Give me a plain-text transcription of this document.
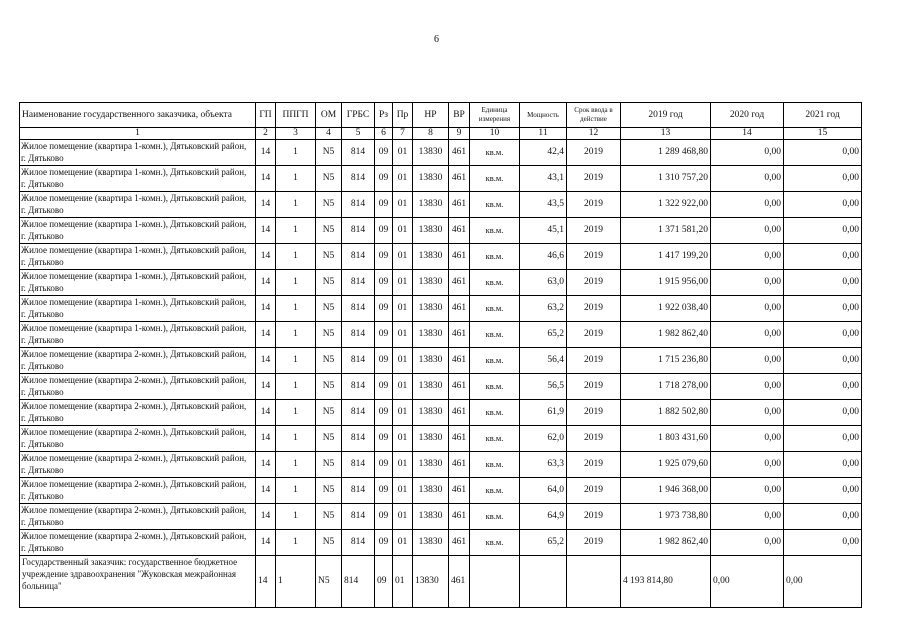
6
Наименование государственного заказчика, объекта	ГП	ППГП	ОМ	ГРБС	Рз	Пр	НР	ВР	Единица измерения	Мощность	Срок ввода в действие	2019 год	2020 год	2021 год
1	2	3	4	5	6	7	8	9	10	11	12	13	14	15
Жилое помещение (квартира 1-комн.), Дятьковский район, г. Дятьково	14	1	N5	814	09	01	13830	461	кв.м.	42,4	2019	1 289 468,80	0,00	0,00
Жилое помещение (квартира 1-комн.), Дятьковский район, г. Дятьково	14	1	N5	814	09	01	13830	461	кв.м.	43,1	2019	1 310 757,20	0,00	0,00
Жилое помещение (квартира 1-комн.), Дятьковский район, г. Дятьково	14	1	N5	814	09	01	13830	461	кв.м.	43,5	2019	1 322 922,00	0,00	0,00
Жилое помещение (квартира 1-комн.), Дятьковский район, г. Дятьково	14	1	N5	814	09	01	13830	461	кв.м.	45,1	2019	1 371 581,20	0,00	0,00
Жилое помещение (квартира 1-комн.), Дятьковский район, г. Дятьково	14	1	N5	814	09	01	13830	461	кв.м.	46,6	2019	1 417 199,20	0,00	0,00
Жилое помещение (квартира 1-комн.), Дятьковский район, г. Дятьково	14	1	N5	814	09	01	13830	461	кв.м.	63,0	2019	1 915 956,00	0,00	0,00
Жилое помещение (квартира 1-комн.), Дятьковский район, г. Дятьково	14	1	N5	814	09	01	13830	461	кв.м.	63,2	2019	1 922 038,40	0,00	0,00
Жилое помещение (квартира 1-комн.), Дятьковский район, г. Дятьково	14	1	N5	814	09	01	13830	461	кв.м.	65,2	2019	1 982 862,40	0,00	0,00
Жилое помещение (квартира 2-комн.), Дятьковский район, г. Дятьково	14	1	N5	814	09	01	13830	461	кв.м.	56,4	2019	1 715 236,80	0,00	0,00
Жилое помещение (квартира 2-комн.), Дятьковский район, г. Дятьково	14	1	N5	814	09	01	13830	461	кв.м.	56,5	2019	1 718 278,00	0,00	0,00
Жилое помещение (квартира 2-комн.), Дятьковский район, г. Дятьково	14	1	N5	814	09	01	13830	461	кв.м.	61,9	2019	1 882 502,80	0,00	0,00
Жилое помещение (квартира 2-комн.), Дятьковский район, г. Дятьково	14	1	N5	814	09	01	13830	461	кв.м.	62,0	2019	1 803 431,60	0,00	0,00
Жилое помещение (квартира 2-комн.), Дятьковский район, г. Дятьково	14	1	N5	814	09	01	13830	461	кв.м.	63,3	2019	1 925 079,60	0,00	0,00
Жилое помещение (квартира 2-комн.), Дятьковский район, г. Дятьково	14	1	N5	814	09	01	13830	461	кв.м.	64,0	2019	1 946 368,00	0,00	0,00
Жилое помещение (квартира 2-комн.), Дятьковский район, г. Дятьково	14	1	N5	814	09	01	13830	461	кв.м.	64,9	2019	1 973 738,80	0,00	0,00
Жилое помещение (квартира 2-комн.), Дятьковский район, г. Дятьково	14	1	N5	814	09	01	13830	461	кв.м.	65,2	2019	1 982 862,40	0,00	0,00
Государственный заказчик: государственное бюджетное учреждение здравоохранения "Жуковская межрайонная больница"	14	1	N5	814	09	01	13830	461				4 193 814,80	0,00	0,00
